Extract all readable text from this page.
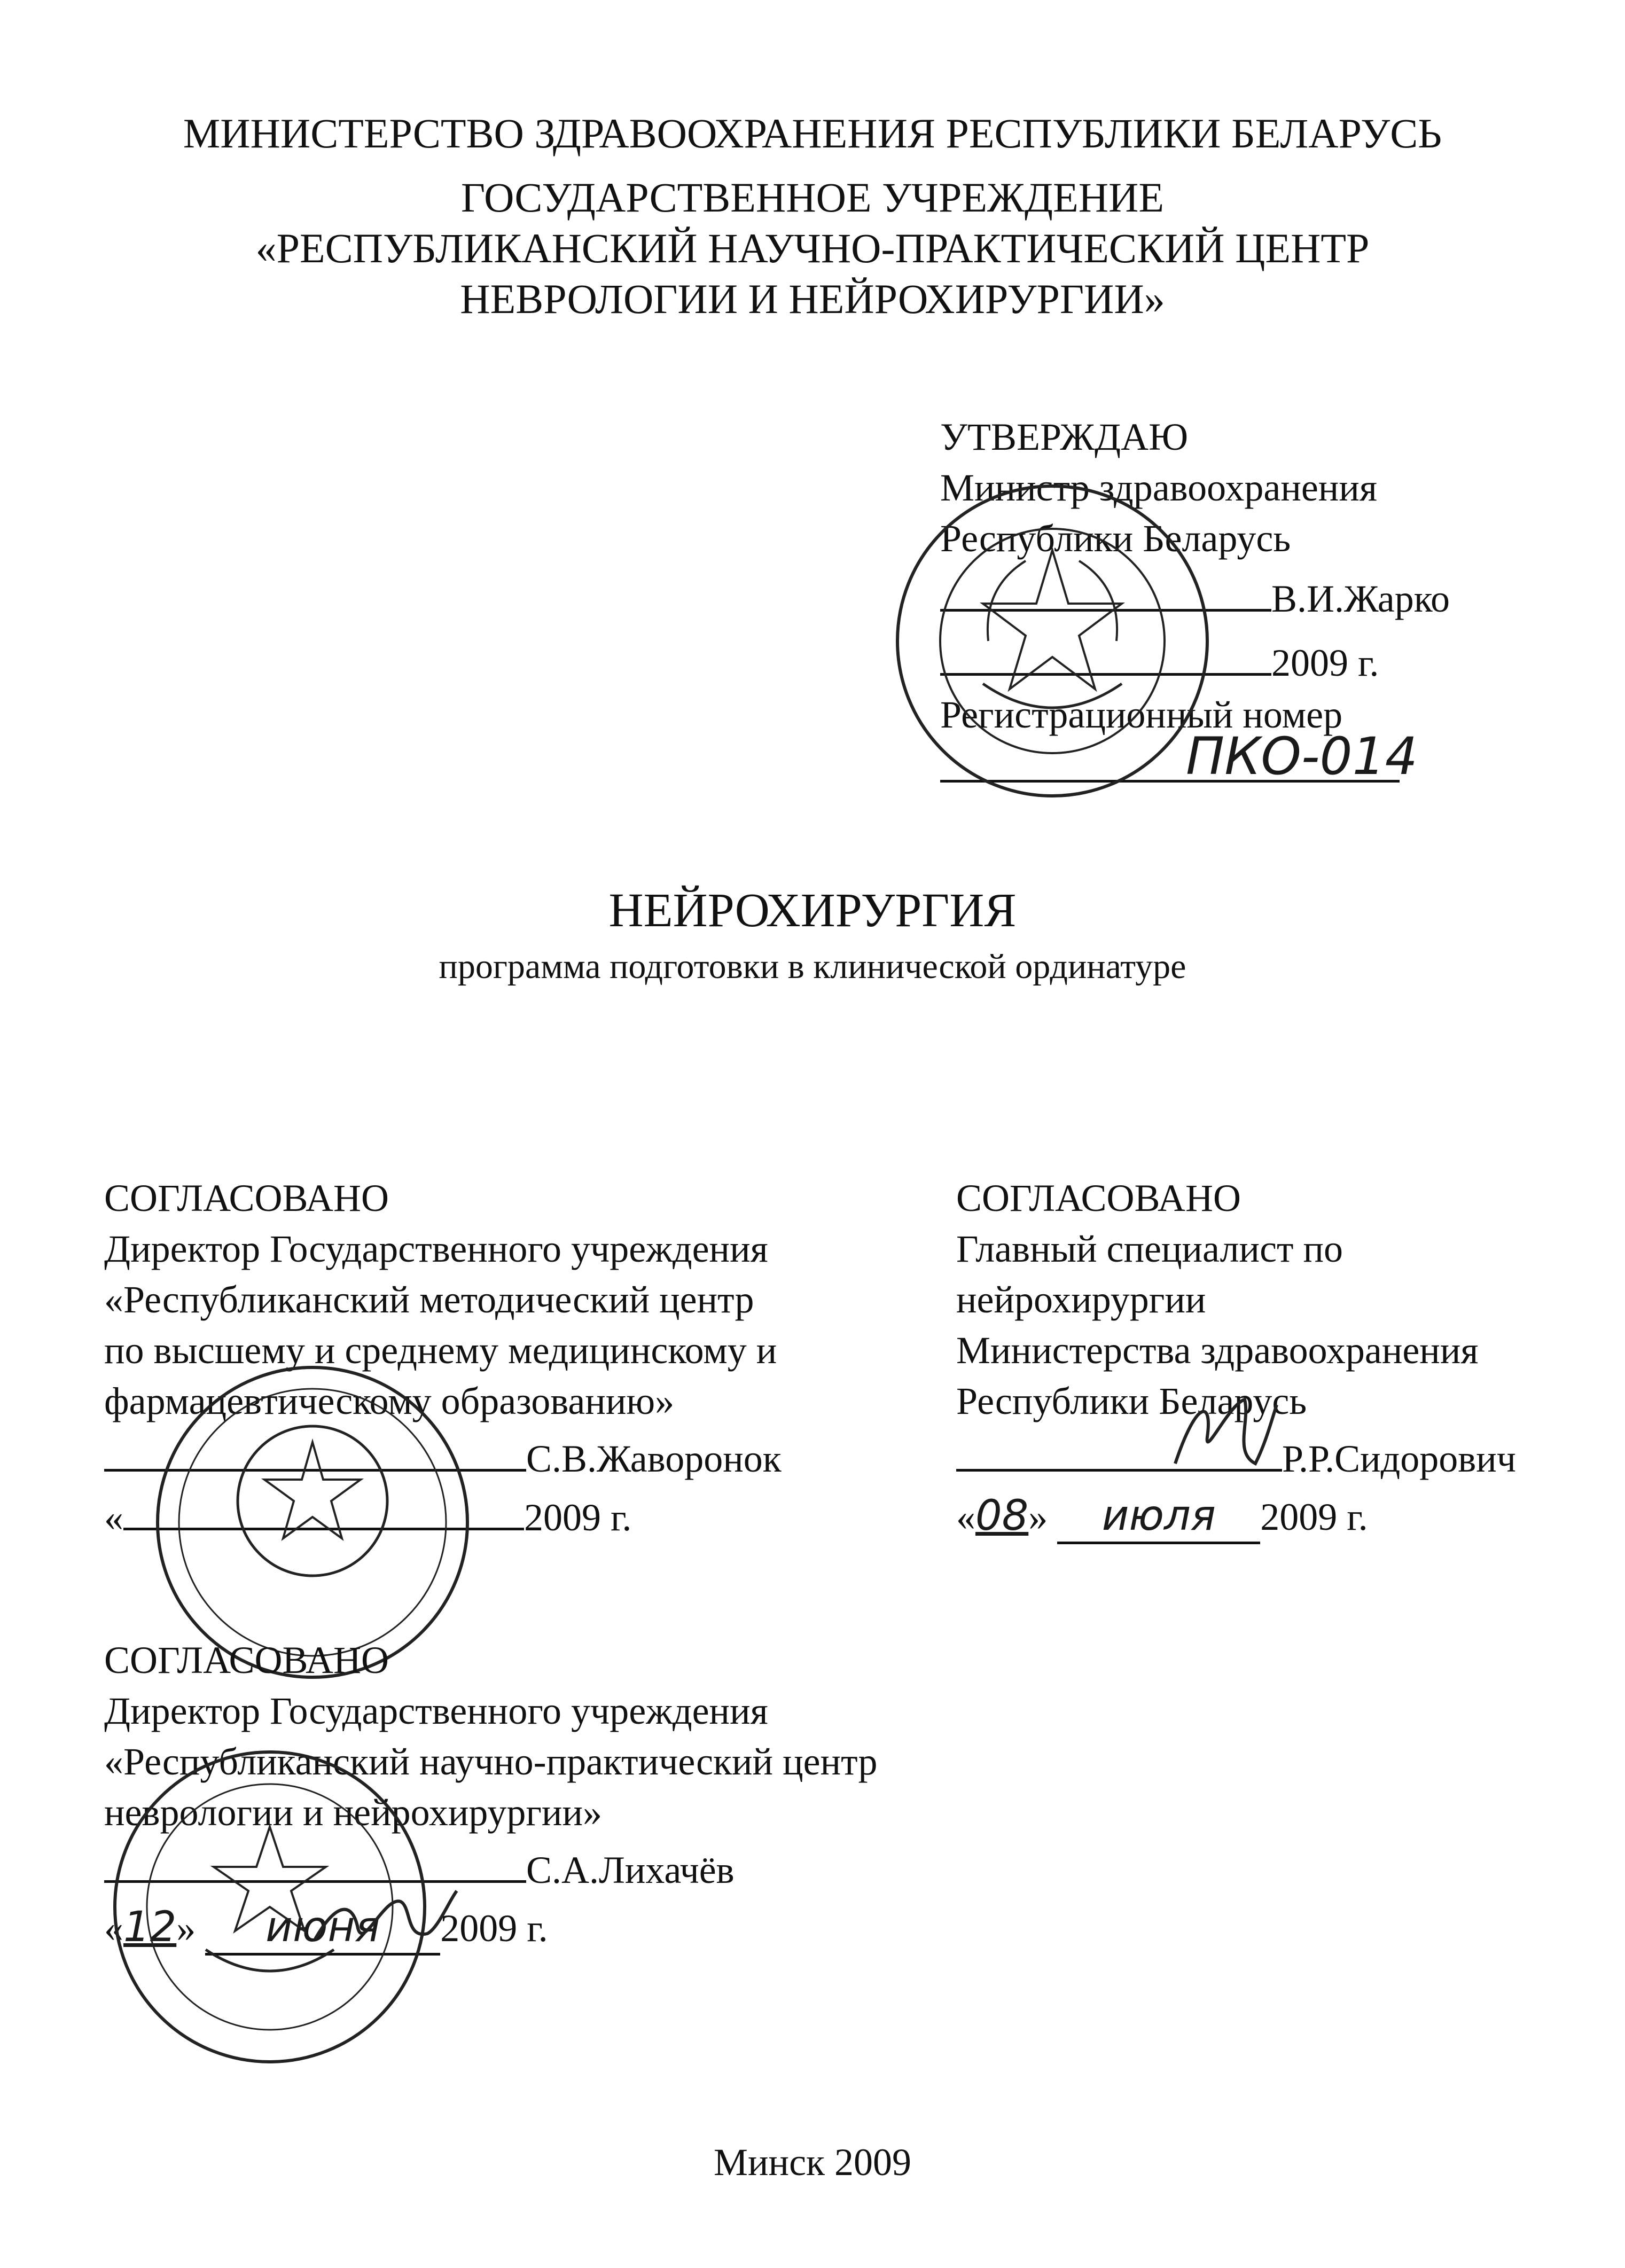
МИНИСТЕРСТВО ЗДРАВООХРАНЕНИЯ РЕСПУБЛИКИ БЕЛАРУСЬ
ГОСУДАРСТВЕННОЕ УЧРЕЖДЕНИЕ
«РЕСПУБЛИКАНСКИЙ НАУЧНО-ПРАКТИЧЕСКИЙ ЦЕНТР
НЕВРОЛОГИИ И НЕЙРОХИРУРГИИ»
УТВЕРЖДАЮ
Министр здравоохранения
Республики Беларусь
В.И.Жарко
2009 г.
Регистрационный номер
ПКО-014
НЕЙРОХИРУРГИЯ
программа подготовки в клинической ординатуре
СОГЛАСОВАНО
Директор Государственного учреждения
«Республиканский методический центр
по высшему и среднему медицинскому и
фармацевтическому образованию»
С.В.Жаворонок
«	2009 г.
СОГЛАСОВАНО
Главный специалист по
нейрохирургии
Министерства здравоохранения
Республики Беларусь
Р.Р.Сидорович
«08» июля 2009 г.
СОГЛАСОВАНО
Директор Государственного учреждения
«Республиканский научно-практический центр
неврологии и нейрохирургии»
С.А.Лихачёв
«12» июня 2009 г.
Минск 2009
